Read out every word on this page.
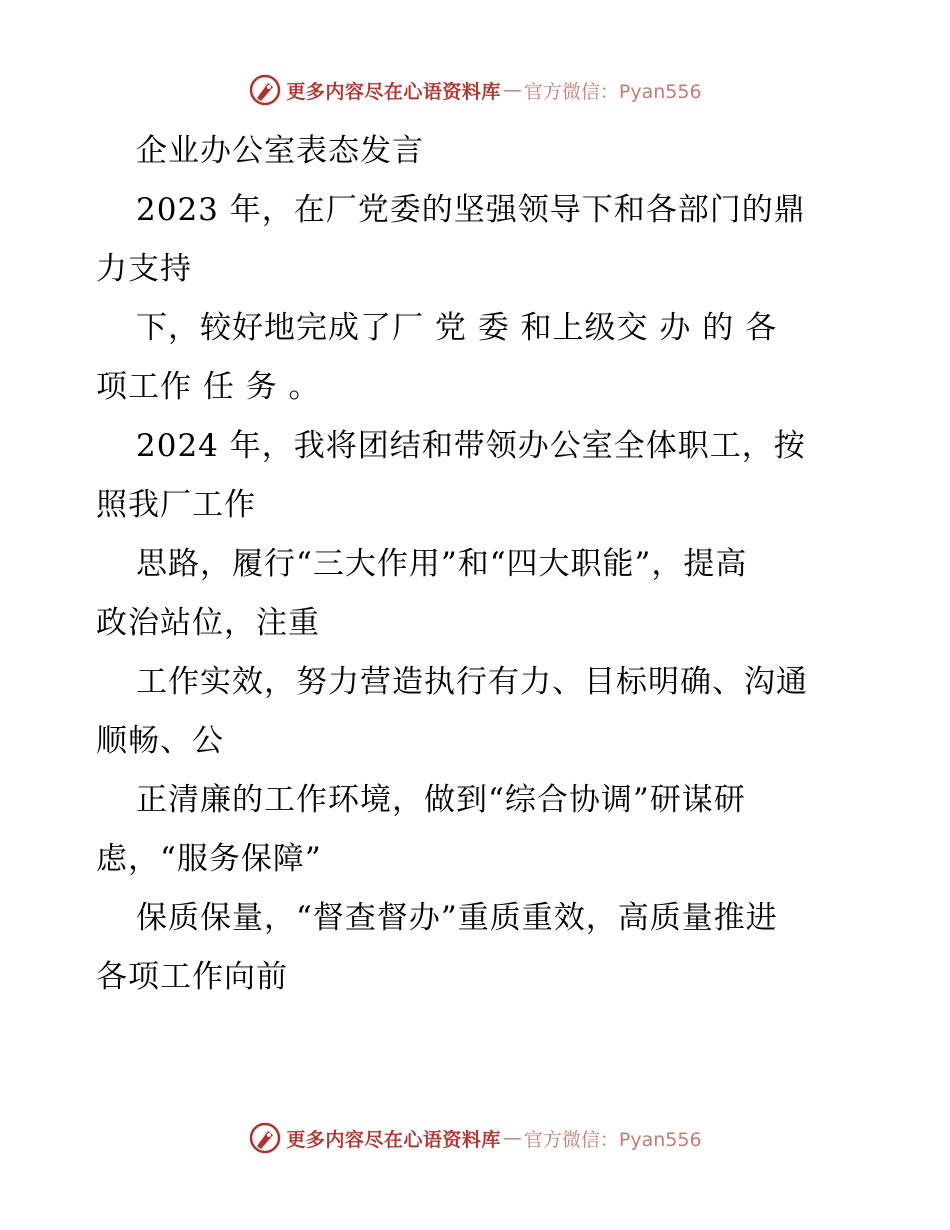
更多内容尽在心语资料库 — 官方微信：Pyan556
企业办公室表态发言
2023 年，在厂党委的坚强领导下和各部门的鼎
力支持
下，较好地完成了厂 党 委 和上级交 办 的 各
项工作 任 务 。
2024 年，我将团结和带领办公室全体职工，按
照我厂工作
思路，履行“三大作用”和“四大职能”，提高
政治站位，注重
工作实效，努力营造执行有力、目标明确、沟通
顺畅、公
正清廉的工作环境，做到“综合协调”研谋研
虑，“服务保障”
保质保量，“督查督办”重质重效，高质量推进
各项工作向前
更多内容尽在心语资料库 — 官方微信：Pyan556
